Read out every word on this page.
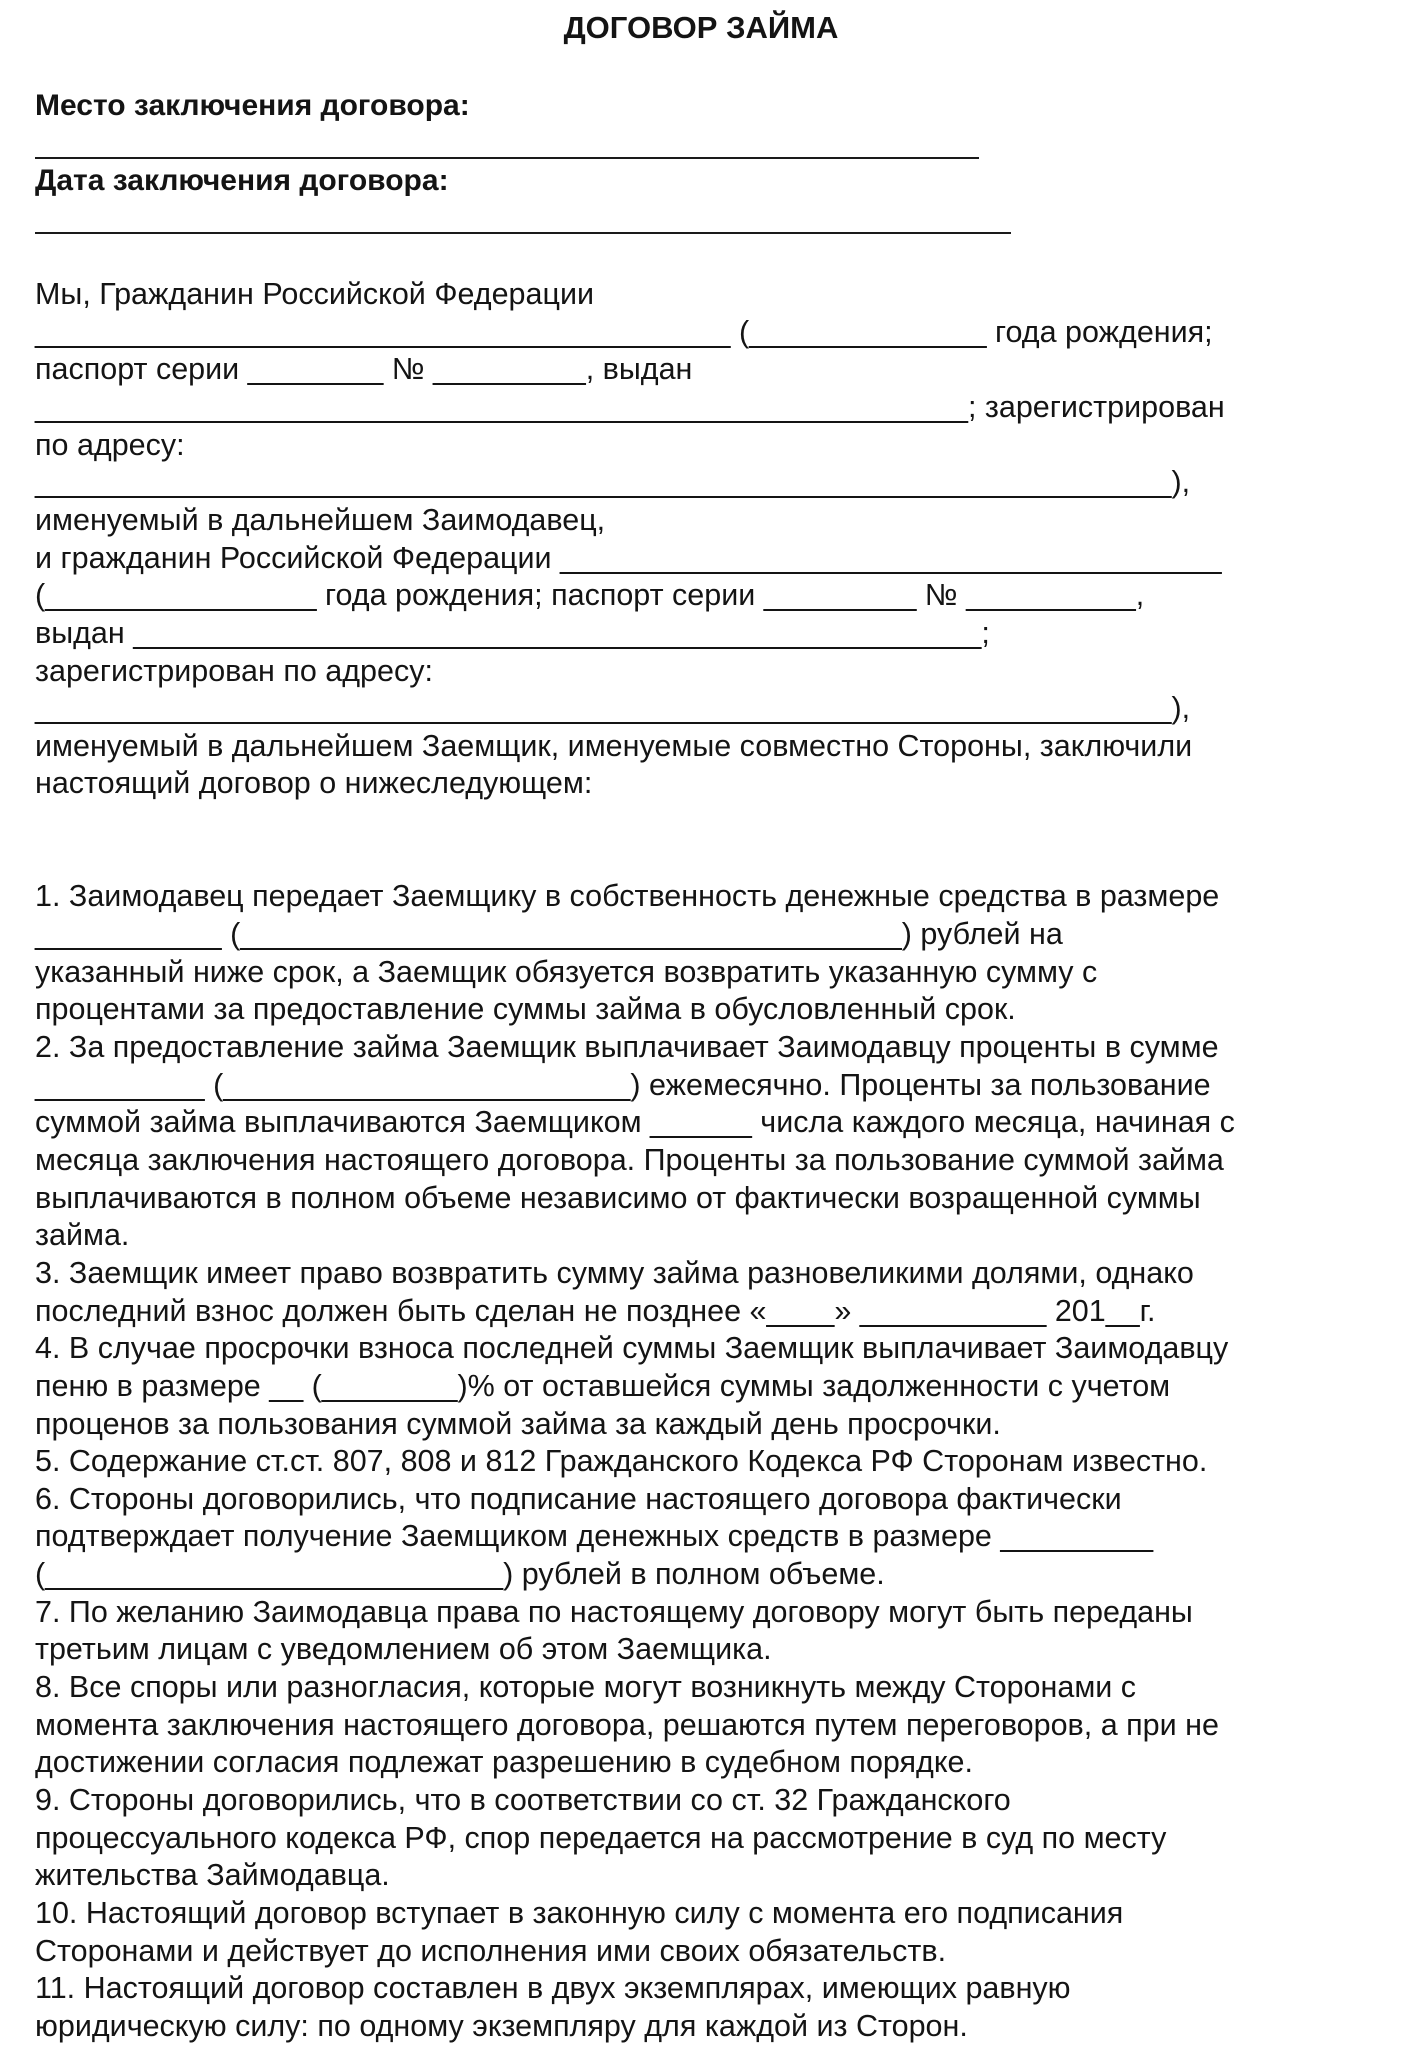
ДОГОВОР ЗАЙМА
Место заключения договора:
Дата заключения договора:
Мы, Гражданин Российской Федерации
_________________________________________ (______________ года рождения;
паспорт серии ________ № _________, выдан
_______________________________________________________; зарегистрирован
по адресу:
___________________________________________________________________),
именуемый в дальнейшем Заимодавец,
и гражданин Российской Федерации _______________________________________
(________________ года рождения; паспорт серии _________ № __________,
выдан __________________________________________________;
зарегистрирован по адресу:
___________________________________________________________________),
именуемый в дальнейшем Заемщик, именуемые совместно Стороны, заключили
настоящий договор о нижеследующем:
1. Заимодавец передает Заемщику в собственность денежные средства в размере
___________ (_______________________________________) рублей на
указанный ниже срок, а Заемщик обязуется возвратить указанную сумму с
процентами за предоставление суммы займа в обусловленный срок.
2. За предоставление займа Заемщик выплачивает Заимодавцу проценты в сумме
__________ (________________________) ежемесячно. Проценты за пользование
суммой займа выплачиваются Заемщиком ______ числа каждого месяца, начиная с
месяца заключения настоящего договора. Проценты за пользование суммой займа
выплачиваются в полном объеме независимо от фактически возращенной суммы
займа.
3. Заемщик имеет право возвратить сумму займа разновеликими долями, однако
последний взнос должен быть сделан не позднее «____» ___________ 201__г.
4. В случае просрочки взноса последней суммы Заемщик выплачивает Заимодавцу
пеню в размере __ (________)% от оставшейся суммы задолженности с учетом
проценов за пользования суммой займа за каждый день просрочки.
5. Содержание ст.ст. 807, 808 и 812 Гражданского Кодекса РФ Сторонам известно.
6. Стороны договорились, что подписание настоящего договора фактически
подтверждает получение Заемщиком денежных средств в размере _________
(___________________________) рублей в полном объеме.
7. По желанию Заимодавца права по настоящему договору могут быть переданы
третьим лицам с уведомлением об этом Заемщика.
8. Все споры или разногласия, которые могут возникнуть между Сторонами с
момента заключения настоящего договора, решаются путем переговоров, а при не
достижении согласия подлежат разрешению в судебном порядке.
9. Стороны договорились, что в соответствии со ст. 32 Гражданского
процессуального кодекса РФ, спор передается на рассмотрение в суд по месту
жительства Займодавца.
10. Настоящий договор вступает в законную силу с момента его подписания
Сторонами и действует до исполнения ими своих обязательств.
11. Настоящий договор составлен в двух экземплярах, имеющих равную
юридическую силу: по одному экземпляру для каждой из Сторон.
